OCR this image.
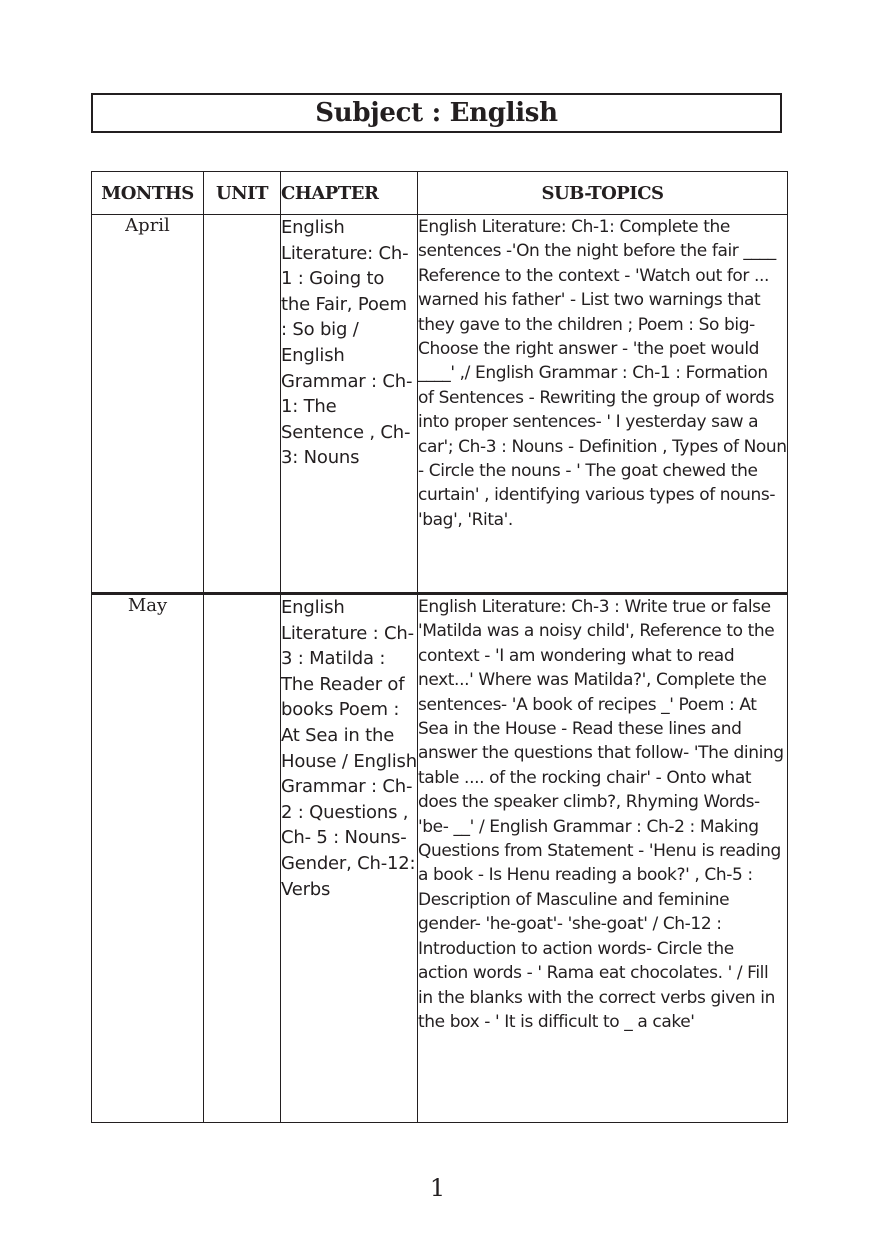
Subject : English
MONTHS	UNIT	CHAPTER	SUB-TOPICS
April		English Literature: Ch-1 : Going to the Fair, Poem : So big / English Grammar : Ch-1: The Sentence , Ch-3: Nouns	English Literature: Ch-1: Complete the sentences -'On the night before the fair ____ Reference to the context - 'Watch out for ... warned his father' - List two warnings that they gave to the children ; Poem : So big- Choose the right answer - 'the poet would ____' ,/ English Grammar : Ch-1 : Formation of Sentences - Rewriting the group of words into proper sentences- ' I yesterday saw a car'; Ch-3 : Nouns - Definition , Types of Noun - Circle the nouns - ' The goat chewed the curtain' , identifying various types of nouns- 'bag', 'Rita'.
May		English Literature : Ch-3 : Matilda : The Reader of books Poem : At Sea in the House / English Grammar : Ch-2 : Questions , Ch- 5 : Nouns- Gender, Ch-12: Verbs	English Literature: Ch-3 : Write true or false 'Matilda was a noisy child', Reference to the context - 'I am wondering what to read next...' Where was Matilda?', Complete the sentences- 'A book of recipes _' Poem : At Sea in the House - Read these lines and answer the questions that follow- 'The dining table .... of the rocking chair' - Onto what does the speaker climb?, Rhyming Words- 'be- __' / English Grammar : Ch-2 : Making Questions from Statement - 'Henu is reading a book - Is Henu reading a book?' , Ch-5 : Description of Masculine and feminine gender- 'he-goat'- 'she-goat' / Ch-12 : Introduction to action words- Circle the action words - ' Rama eat chocolates. ' / Fill in the blanks with the correct verbs given in the box - ' It is difficult to _ a cake'
1
